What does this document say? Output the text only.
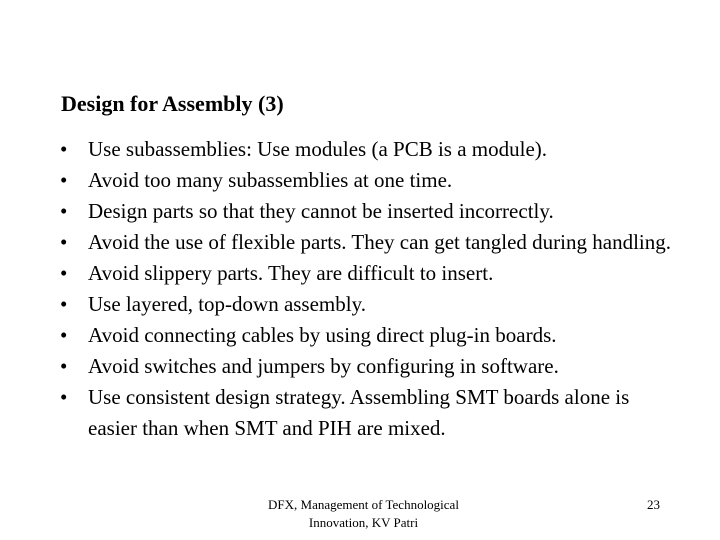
Design for Assembly (3)
• Use subassemblies: Use modules (a PCB is a module).
• Avoid too many subassemblies at one time.
• Design parts so that they cannot be inserted incorrectly.
• Avoid the use of flexible parts. They can get tangled during handling.
• Avoid slippery parts. They are difficult to insert.
• Use layered, top-down assembly.
• Avoid connecting cables by using direct plug-in boards.
• Avoid switches and jumpers by configuring in software.
• Use consistent design strategy. Assembling SMT boards alone is easier than when SMT and PIH are mixed.
DFX, Management of Technological
Innovation, KV Patri
23
